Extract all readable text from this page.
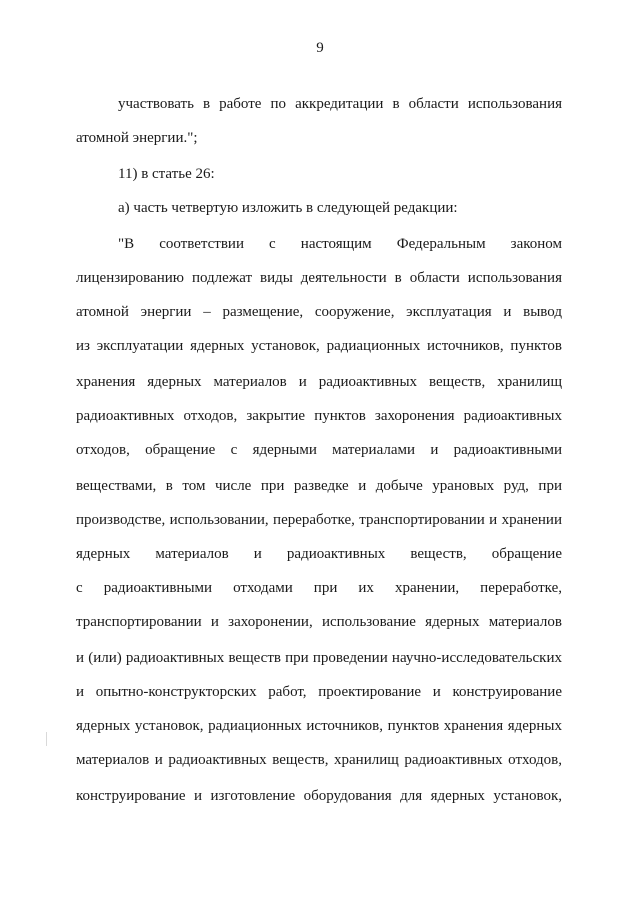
9
участвовать в работе по аккредитации в области использования
атомной энергии.";
11) в статье 26:
а) часть четвертую изложить в следующей редакции:
"В соответствии с настоящим Федеральным законом
лицензированию подлежат виды деятельности в области использования
атомной энергии – размещение, сооружение, эксплуатация и вывод
из эксплуатации ядерных установок, радиационных источников, пунктов
хранения ядерных материалов и радиоактивных веществ, хранилищ
радиоактивных отходов, закрытие пунктов захоронения радиоактивных
отходов, обращение с ядерными материалами и радиоактивными
веществами, в том числе при разведке и добыче урановых руд, при
производстве, использовании, переработке, транспортировании и хранении
ядерных материалов и радиоактивных веществ, обращение
с радиоактивными отходами при их хранении, переработке,
транспортировании и захоронении, использование ядерных материалов
и (или) радиоактивных веществ при проведении научно-исследовательских
и опытно-конструкторских работ, проектирование и конструирование
ядерных установок, радиационных источников, пунктов хранения ядерных
материалов и радиоактивных веществ, хранилищ радиоактивных отходов,
конструирование и изготовление оборудования для ядерных установок,
